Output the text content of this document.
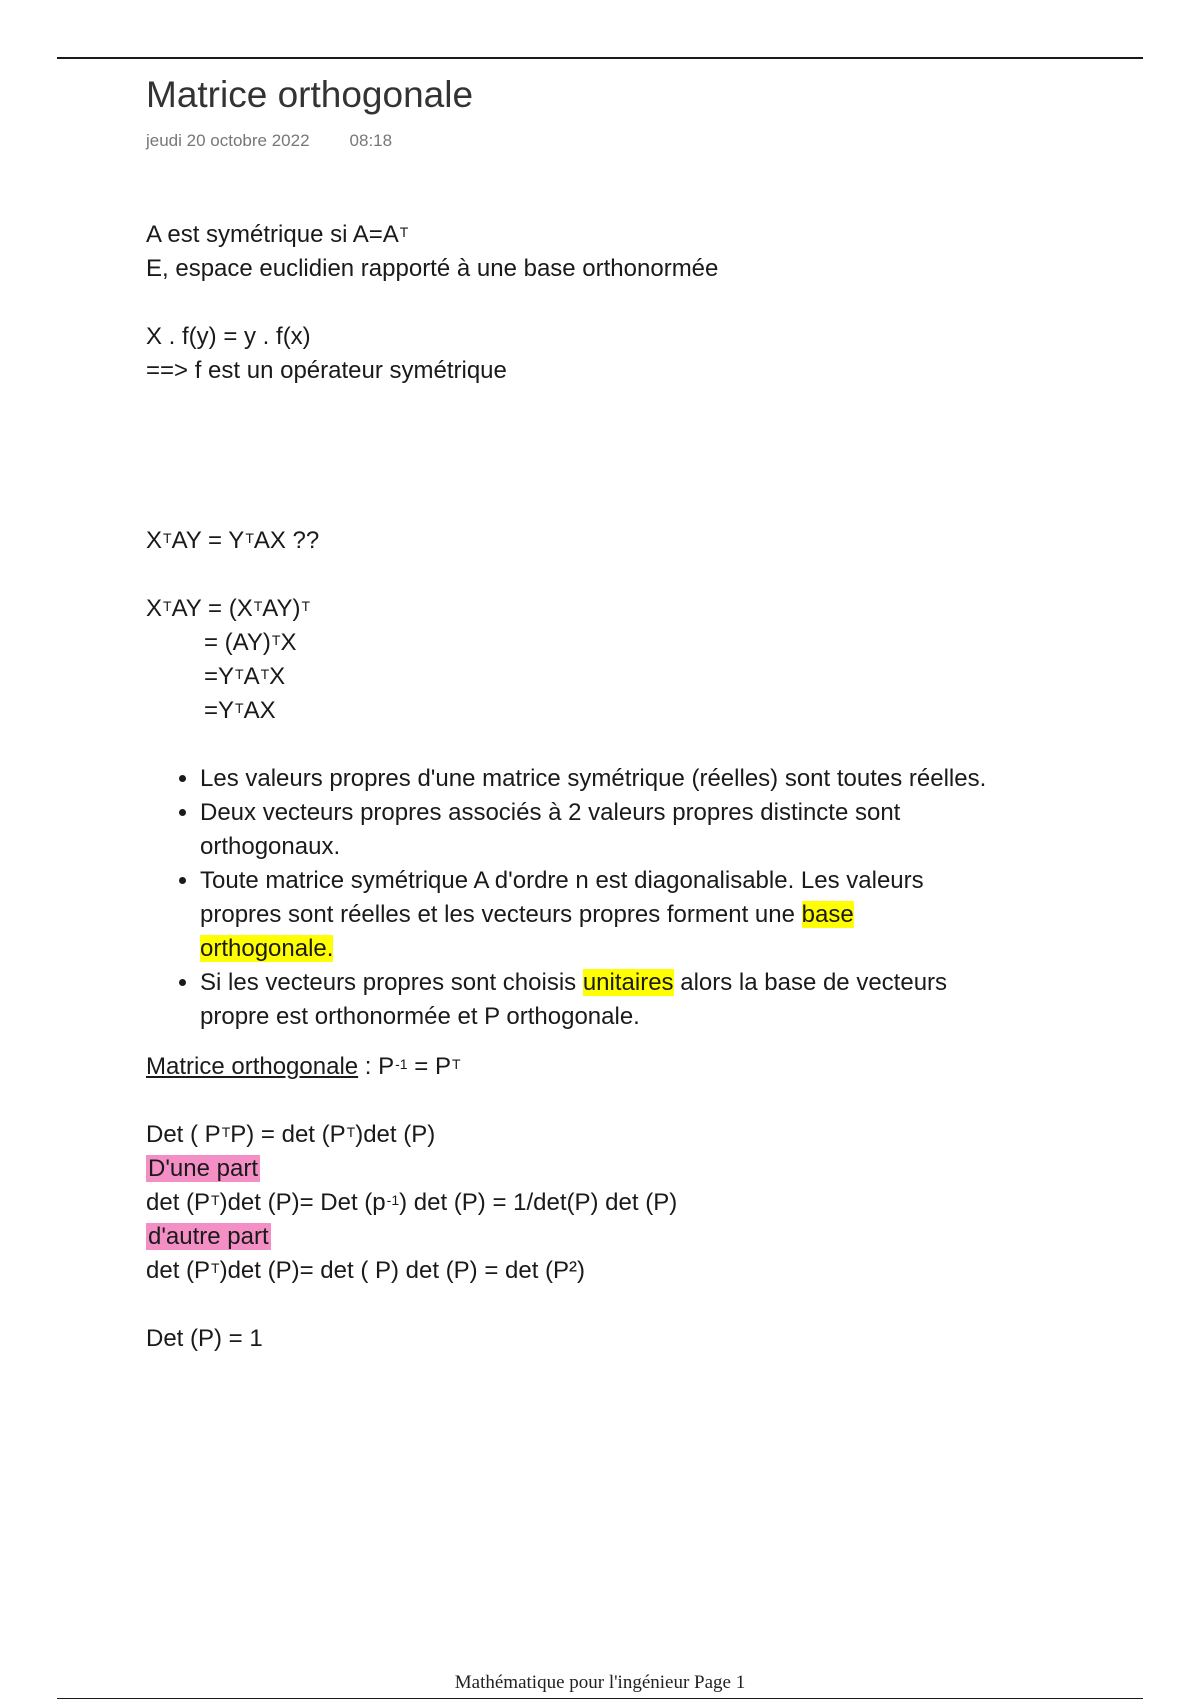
Matrice orthogonale
jeudi 20 octobre 2022 08:18
A est symétrique si $A=A^T$
E, espace euclidien rapporté à une base orthonormée
X . f(y) = y . f(x)
==> f est un opérateur symétrique
$X^TAY = Y^TAX$ ??
$X^TAY = (X^TAY)^T$
= (AY)$^T$X
$=Y^TA^TX$
$=Y^TAX$
• Les valeurs propres d'une matrice symétrique (réelles) sont toutes réelles.
• Deux vecteurs propres associés à 2 valeurs propres distincte sont
orthogonaux.
• Toute matrice symétrique A d'ordre n est diagonalisable. Les valeurs
propres sont réelles et les vecteurs propres forment une base
orthogonale.
• Si les vecteurs propres sont choisis unitaires alors la base de vecteurs
propre est orthonormée et P orthogonale.
Matrice orthogonale : $P^{-1} = P^T$
Det ( $P^TP) = \det (P^T)\det$ (P)
D'une part
$\det (P^T)\det$ (P)= Det $(p^{-1})$ det (P) = 1/det(P) det (P)
d'autre part
$\det (P^T)\det$ (P)= det ( P) det (P) = det (P²)
Det (P) = 1
Mathématique pour l'ingénieur Page 1
